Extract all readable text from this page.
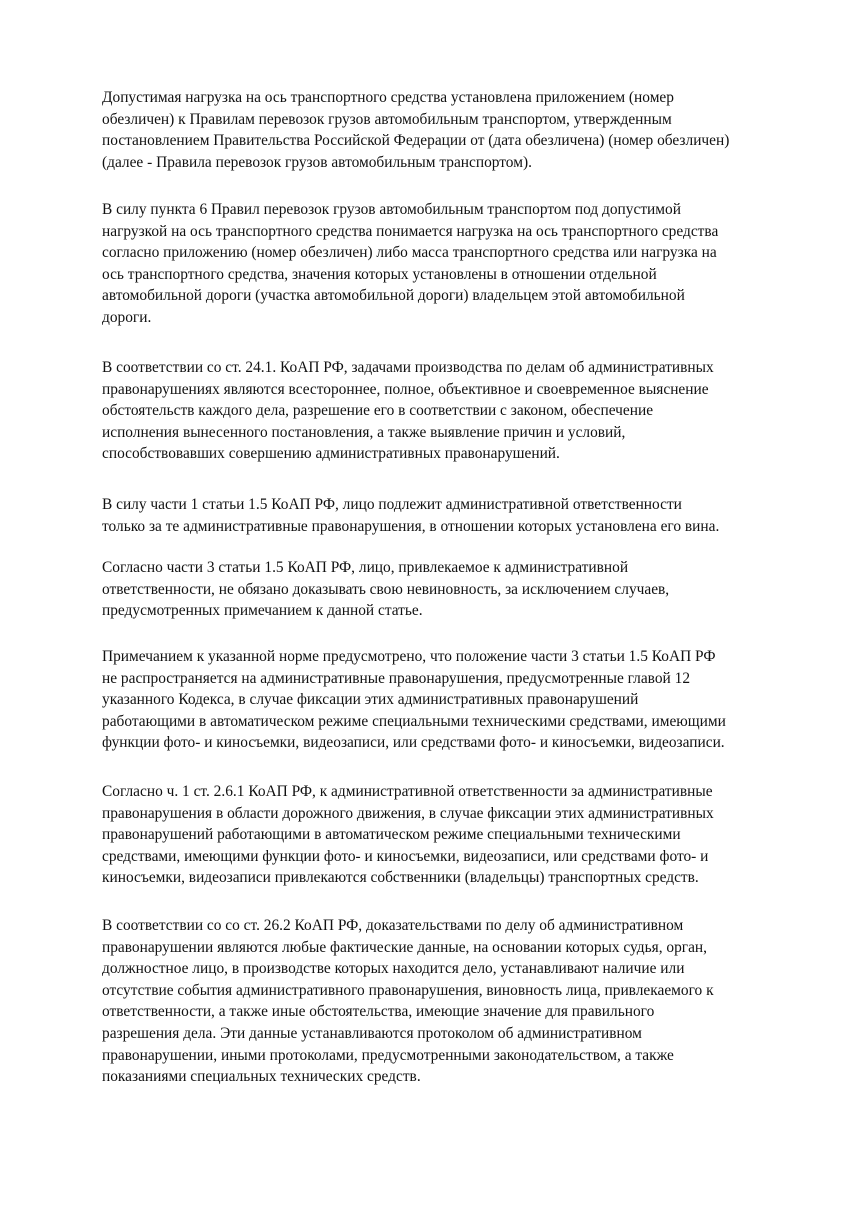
Допустимая нагрузка на ось транспортного средства установлена приложением (номер
обезличен) к Правилам перевозок грузов автомобильным транспортом, утвержденным
постановлением Правительства Российской Федерации от (дата обезличена) (номер обезличен)
(далее - Правила перевозок грузов автомобильным транспортом).

В силу пункта 6 Правил перевозок грузов автомобильным транспортом под допустимой
нагрузкой на ось транспортного средства понимается нагрузка на ось транспортного средства
согласно приложению (номер обезличен) либо масса транспортного средства или нагрузка на
ось транспортного средства, значения которых установлены в отношении отдельной
автомобильной дороги (участка автомобильной дороги) владельцем этой автомобильной
дороги.

В соответствии со ст. 24.1. КоАП РФ, задачами производства по делам об административных
правонарушениях являются всестороннее, полное, объективное и своевременное выяснение
обстоятельств каждого дела, разрешение его в соответствии с законом, обеспечение
исполнения вынесенного постановления, а также выявление причин и условий,
способствовавших совершению административных правонарушений.

В силу части 1 статьи 1.5 КоАП РФ, лицо подлежит административной ответственности
только за те административные правонарушения, в отношении которых установлена его вина.

Согласно части 3 статьи 1.5 КоАП РФ, лицо, привлекаемое к административной
ответственности, не обязано доказывать свою невиновность, за исключением случаев,
предусмотренных примечанием к данной статье.

Примечанием к указанной норме предусмотрено, что положение части 3 статьи 1.5 КоАП РФ
не распространяется на административные правонарушения, предусмотренные главой 12
указанного Кодекса, в случае фиксации этих административных правонарушений
работающими в автоматическом режиме специальными техническими средствами, имеющими
функции фото- и киносъемки, видеозаписи, или средствами фото- и киносъемки, видеозаписи.

Согласно ч. 1 ст. 2.6.1 КоАП РФ, к административной ответственности за административные
правонарушения в области дорожного движения, в случае фиксации этих административных
правонарушений работающими в автоматическом режиме специальными техническими
средствами, имеющими функции фото- и киносъемки, видеозаписи, или средствами фото- и
киносъемки, видеозаписи привлекаются собственники (владельцы) транспортных средств.

В соответствии со со ст. 26.2 КоАП РФ, доказательствами по делу об административном
правонарушении являются любые фактические данные, на основании которых судья, орган,
должностное лицо, в производстве которых находится дело, устанавливают наличие или
отсутствие события административного правонарушения, виновность лица, привлекаемого к
ответственности, а также иные обстоятельства, имеющие значение для правильного
разрешения дела. Эти данные устанавливаются протоколом об административном
правонарушении, иными протоколами, предусмотренными законодательством, а также
показаниями специальных технических средств.
